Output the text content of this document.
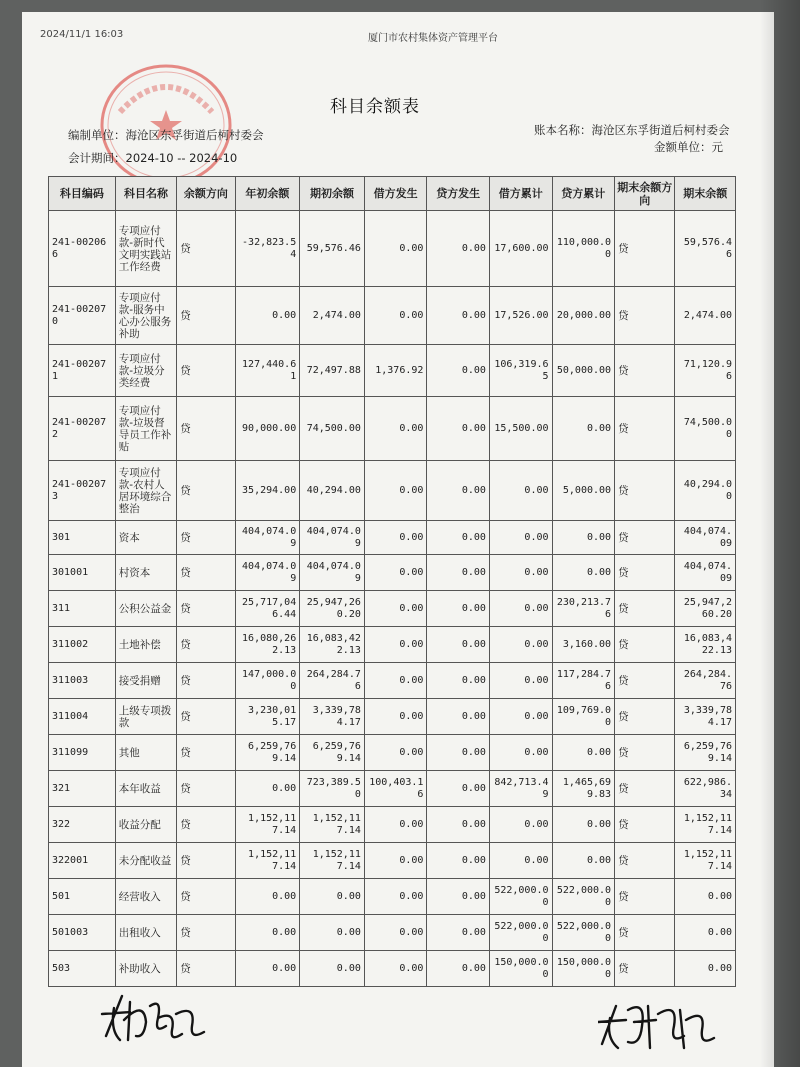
2024/11/1 16:03	厦门市农村集体资产管理平台
科目余额表
编制单位：海沧区东孚街道后柯村委会
会计期间：2024-10 -- 2024-10
账本名称：海沧区东孚街道后柯村委会
金额单位：元
科目编码	科目名称	余额方向	年初余额	期初余额	借方发生	贷方发生	借方累计	贷方累计	期末余额方向	期末余额
241-002066	专项应付款-新时代文明实践站工作经费	贷	-32,823.54	59,576.46	0.00	0.00	17,600.00	110,000.00	贷	59,576.46
241-002070	专项应付款-服务中心办公服务补助	贷	0.00	2,474.00	0.00	0.00	17,526.00	20,000.00	贷	2,474.00
241-002071	专项应付款-垃圾分类经费	贷	127,440.61	72,497.88	1,376.92	0.00	106,319.65	50,000.00	贷	71,120.96
241-002072	专项应付款-垃圾督导员工作补贴	贷	90,000.00	74,500.00	0.00	0.00	15,500.00	0.00	贷	74,500.00
241-002073	专项应付款-农村人居环境综合整治	贷	35,294.00	40,294.00	0.00	0.00	0.00	5,000.00	贷	40,294.00
301	资本	贷	404,074.09	404,074.09	0.00	0.00	0.00	0.00	贷	404,074.09
301001	村资本	贷	404,074.09	404,074.09	0.00	0.00	0.00	0.00	贷	404,074.09
311	公积公益金	贷	25,717,046.44	25,947,260.20	0.00	0.00	0.00	230,213.76	贷	25,947,260.20
311002	土地补偿	贷	16,080,262.13	16,083,422.13	0.00	0.00	0.00	3,160.00	贷	16,083,422.13
311003	接受捐赠	贷	147,000.00	264,284.76	0.00	0.00	0.00	117,284.76	贷	264,284.76
311004	上级专项拨款	贷	3,230,015.17	3,339,784.17	0.00	0.00	0.00	109,769.00	贷	3,339,784.17
311099	其他	贷	6,259,769.14	6,259,769.14	0.00	0.00	0.00	0.00	贷	6,259,769.14
321	本年收益	贷	0.00	723,389.50	100,403.16	0.00	842,713.49	1,465,699.83	贷	622,986.34
322	收益分配	贷	1,152,117.14	1,152,117.14	0.00	0.00	0.00	0.00	贷	1,152,117.14
322001	未分配收益	贷	1,152,117.14	1,152,117.14	0.00	0.00	0.00	0.00	贷	1,152,117.14
501	经营收入	贷	0.00	0.00	0.00	0.00	522,000.00	522,000.00	贷	0.00
501003	出租收入	贷	0.00	0.00	0.00	0.00	522,000.00	522,000.00	贷	0.00
503	补助收入	贷	0.00	0.00	0.00	0.00	150,000.00	150,000.00	贷	0.00
